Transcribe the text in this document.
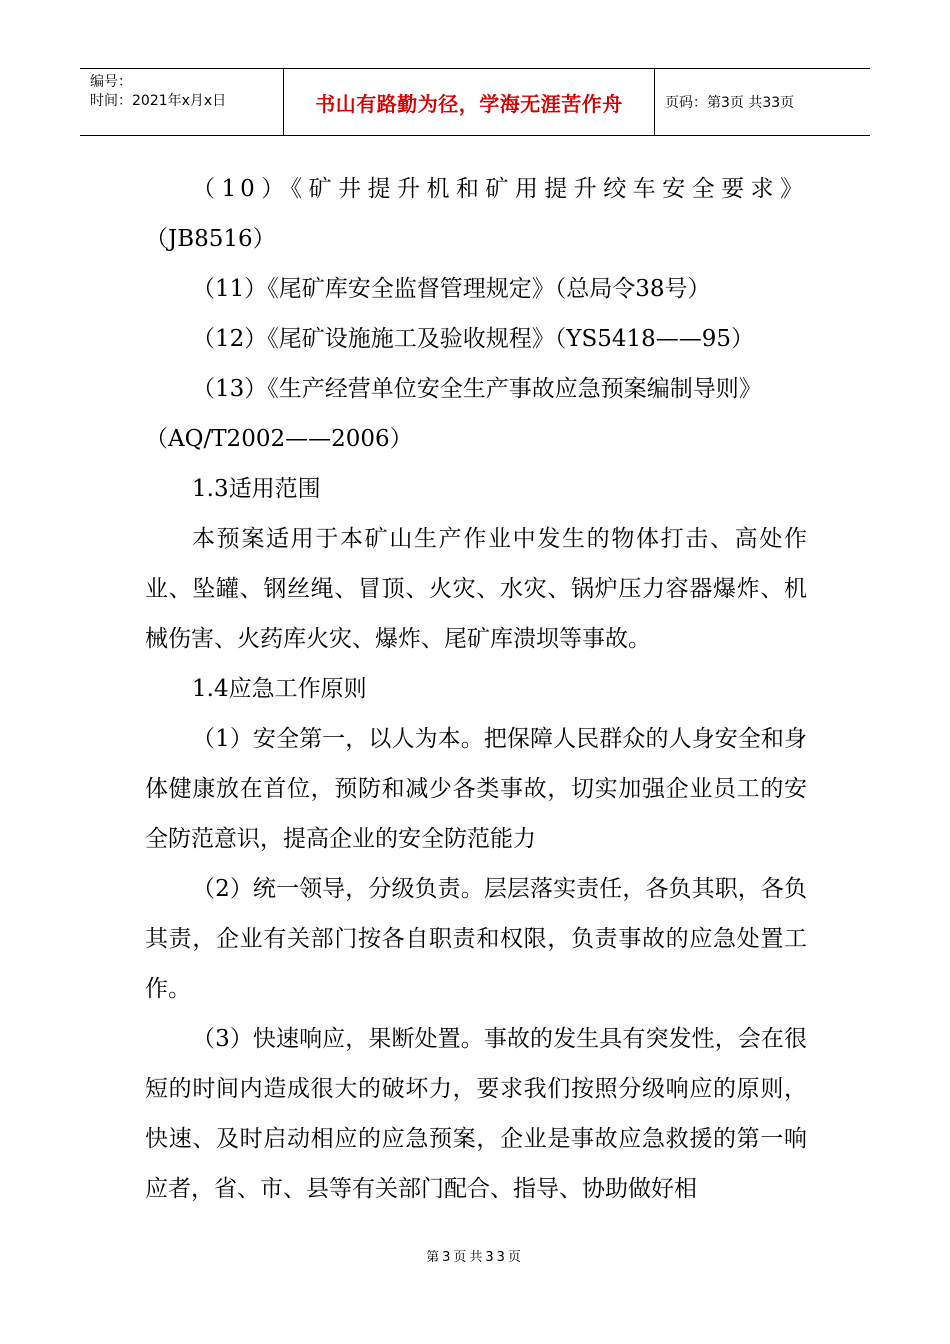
编号：
时间：2021年x月x日	书山有路勤为径，学海无涯苦作舟	页码：第3页 共33页

（10）《矿井提升机和矿用提升绞车安全要求》

（JB8516）

（11）《尾矿库安全监督管理规定》（总局令38号）

（12）《尾矿设施施工及验收规程》（YS5418——95）

（13）《生产经营单位安全生产事故应急预案编制导则》

（AQ/T2002——2006）

1.3适用范围

本预案适用于本矿山生产作业中发生的物体打击、高处作业、坠罐、钢丝绳、冒顶、火灾、水灾、锅炉压力容器爆炸、机械伤害、火药库火灾、爆炸、尾矿库溃坝等事故。

1.4应急工作原则

（1）安全第一，以人为本。把保障人民群众的人身安全和身体健康放在首位，预防和减少各类事故，切实加强企业员工的安全防范意识，提高企业的安全防范能力

（2）统一领导，分级负责。层层落实责任，各负其职，各负其责，企业有关部门按各自职责和权限，负责事故的应急处置工作。

（3）快速响应，果断处置。事故的发生具有突发性，会在很短的时间内造成很大的破坏力，要求我们按照分级响应的原则，快速、及时启动相应的应急预案，企业是事故应急救援的第一响应者，省、市、县等有关部门配合、指导、协助做好相

第3页共33页
